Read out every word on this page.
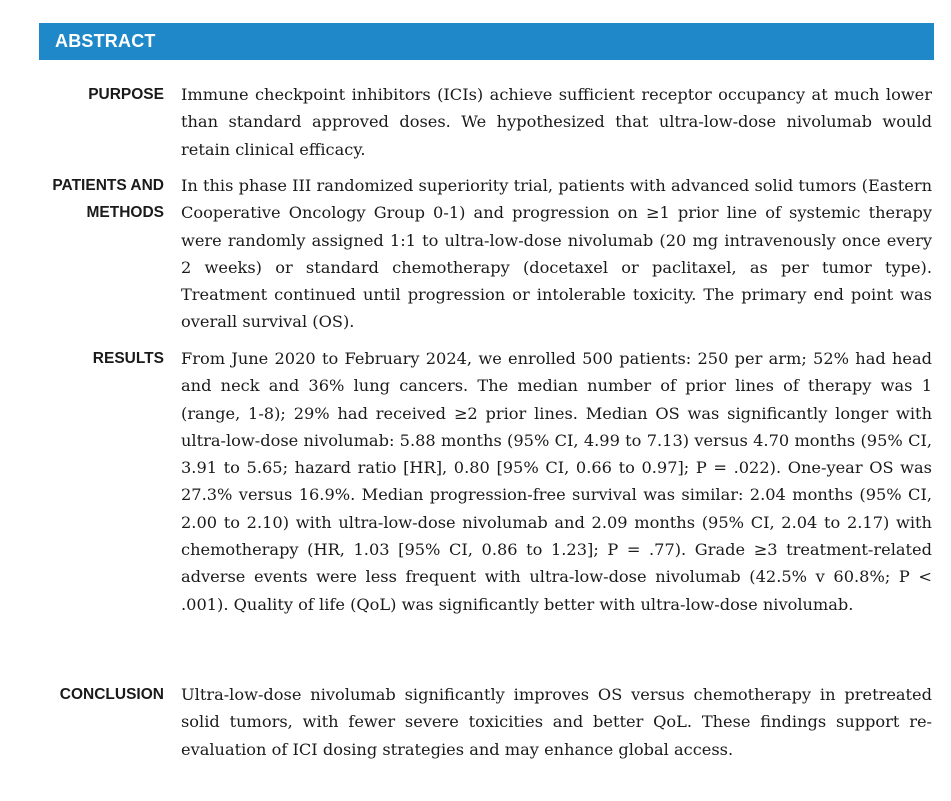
ABSTRACT
PURPOSE Immune checkpoint inhibitors (ICIs) achieve sufficient receptor occupancy at much lower than standard approved doses. We hypothesized that ultra-low-dose nivolumab would retain clinical efficacy.
PATIENTS AND
METHODS
In this phase III randomized superiority trial, patients with advanced solid tumors (Eastern Cooperative Oncology Group 0-1) and progression on ≥1 prior line of systemic therapy were randomly assigned 1:1 to ultra-low-dose nivolumab (20 mg intravenously once every 2 weeks) or standard chemotherapy (docetaxel or paclitaxel, as per tumor type). Treatment continued until progression or intolerable toxicity. The primary end point was overall survival (OS).
RESULTS From June 2020 to February 2024, we enrolled 500 patients: 250 per arm; 52% had head and neck and 36% lung cancers. The median number of prior lines of therapy was 1 (range, 1-8); 29% had received ≥2 prior lines. Median OS was significantly longer with ultra-low-dose nivolumab: 5.88 months (95% CI, 4.99 to 7.13) versus 4.70 months (95% CI, 3.91 to 5.65; hazard ratio [HR], 0.80 [95% CI, 0.66 to 0.97]; P = .022). One-year OS was 27.3% versus 16.9%. Median progression-free survival was similar: 2.04 months (95% CI, 2.00 to 2.10) with ultra-low-dose nivolumab and 2.09 months (95% CI, 2.04 to 2.17) with chemotherapy (HR, 1.03 [95% CI, 0.86 to 1.23]; P = .77). Grade ≥3 treatment-related adverse events were less frequent with ultra-low-dose nivolumab (42.5% v 60.8%; P < .001). Quality of life (QoL) was significantly better with ultra-low-dose nivolumab.
CONCLUSION Ultra-low-dose nivolumab significantly improves OS versus chemotherapy in pretreated solid tumors, with fewer severe toxicities and better QoL. These findings support re-evaluation of ICI dosing strategies and may enhance global access.
